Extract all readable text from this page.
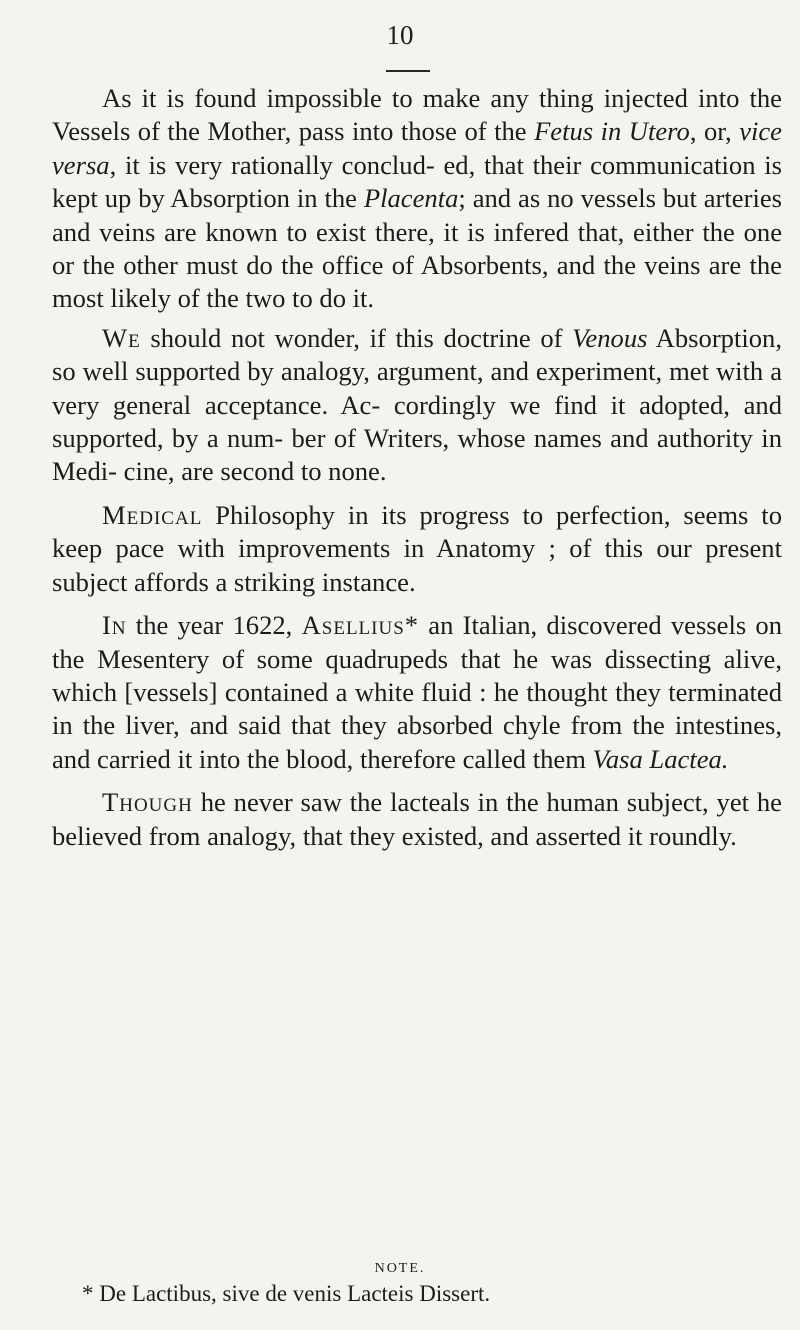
10

As it is found impossible to make any thing injected into the Vessels of the Mother, pass into those of the Fetus in Utero, or, vice versa, it is very rationally conclud- ed, that their communication is kept up by Absorption in the Placenta; and as no vessels but arteries and veins are known to exist there, it is infered that, either the one or the other must do the office of Absorbents, and the veins are the most likely of the two to do it.

We should not wonder, if this doctrine of Venous Absorption, so well supported by analogy, argument, and experiment, met with a very general acceptance. Ac- cordingly we find it adopted, and supported, by a num- ber of Writers, whose names and authority in Medi- cine, are second to none.

Medical Philosophy in its progress to perfection, seems to keep pace with improvements in Anatomy ; of this our present subject affords a striking instance.

In the year 1622, Asellius* an Italian, discovered vessels on the Mesentery of some quadrupeds that he was dissecting alive, which [vessels] contained a white fluid : he thought they terminated in the liver, and said that they absorbed chyle from the intestines, and carried it into the blood, therefore called them Vasa Lactea.

Though he never saw the lacteals in the human subject, yet he believed from analogy, that they existed, and asserted it roundly.

NOTE.
* De Lactibus, sive de venis Lacteis Dissert.
